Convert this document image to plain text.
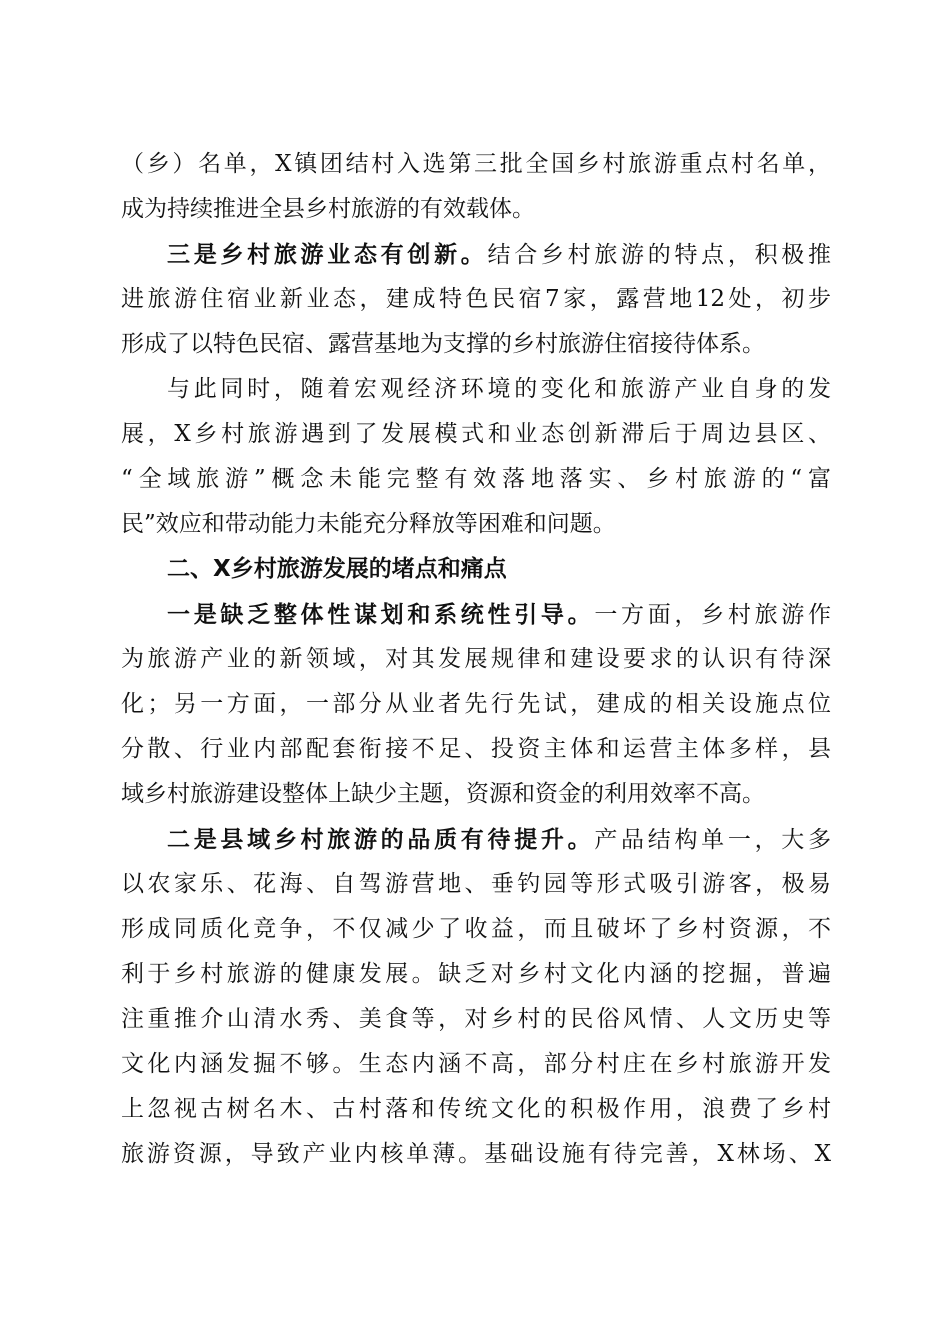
（乡）名单，X镇团结村入选第三批全国乡村旅游重点村名单，
成为持续推进全县乡村旅游的有效载体。
三是乡村旅游业态有创新。结合乡村旅游的特点，积极推
进旅游住宿业新业态，建成特色民宿7家，露营地12处，初步
形成了以特色民宿、露营基地为支撑的乡村旅游住宿接待体系。
与此同时，随着宏观经济环境的变化和旅游产业自身的发
展，X乡村旅游遇到了发展模式和业态创新滞后于周边县区、
“全域旅游”概念未能完整有效落地落实、乡村旅游的“富
民”效应和带动能力未能充分释放等困难和问题。
二、X乡村旅游发展的堵点和痛点
一是缺乏整体性谋划和系统性引导。一方面，乡村旅游作
为旅游产业的新领域，对其发展规律和建设要求的认识有待深
化；另一方面，一部分从业者先行先试，建成的相关设施点位
分散、行业内部配套衔接不足、投资主体和运营主体多样，县
域乡村旅游建设整体上缺少主题，资源和资金的利用效率不高。
二是县域乡村旅游的品质有待提升。产品结构单一，大多
以农家乐、花海、自驾游营地、垂钓园等形式吸引游客，极易
形成同质化竞争，不仅减少了收益，而且破坏了乡村资源，不
利于乡村旅游的健康发展。缺乏对乡村文化内涵的挖掘，普遍
注重推介山清水秀、美食等，对乡村的民俗风情、人文历史等
文化内涵发掘不够。生态内涵不高，部分村庄在乡村旅游开发
上忽视古树名木、古村落和传统文化的积极作用，浪费了乡村
旅游资源，导致产业内核单薄。基础设施有待完善，X林场、X
